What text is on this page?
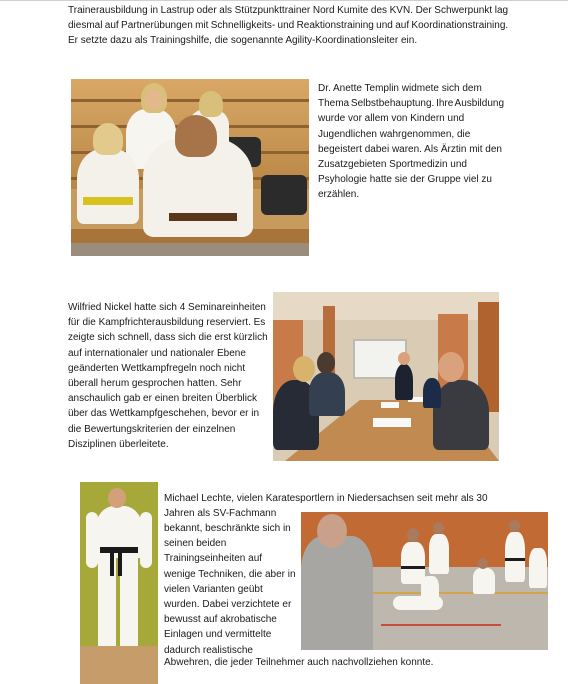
Trainerausbildung in Lastrup oder als Stützpunkttrainer Nord Kumite des KVN. Der Schwerpunkt lag
diesmal auf Partnerübungen mit Schnelligkeits- und Reaktionstraining und auf Koordinationstraining.
Er setzte dazu als Trainingshilfe, die sogenannte Agility-Koordinationsleiter ein.

Dr. Anette Templin widmete sich dem
Thema Selbstbehauptung. Ihre Ausbildung
wurde vor allem von Kindern und
Jugendlichen wahrgenommen, die
begeistert dabei waren. Als Ärztin mit den
Zusatzgebieten Sportmedizin und
Psyhologie hatte sie der Gruppe viel zu
erzählen.

Wilfried Nickel hatte sich 4 Seminareinheiten
für die Kampfrichterausbildung reserviert. Es
zeigte sich schnell, dass sich die erst kürzlich
auf internationaler und nationaler Ebene
geänderten Wettkampfregeln noch nicht
überall herum gesprochen hatten. Sehr
anschaulich gab er einen breiten Überblick
über das Wettkampfgeschehen, bevor er in
die Bewertungskriterien der einzelnen
Disziplinen überleitete.

Michael Lechte, vielen Karatesportlern in Niedersachsen seit mehr als 30
Jahren als SV-Fachmann

bekannt, beschränkte sich in
seinen beiden
Trainingseinheiten auf
wenige Techniken, die aber in
vielen Varianten geübt
wurden. Dabei verzichtete er
bewusst auf akrobatische
Einlagen und vermittelte
dadurch realistische

Abwehren, die jeder Teilnehmer auch nachvollziehen konnte.
